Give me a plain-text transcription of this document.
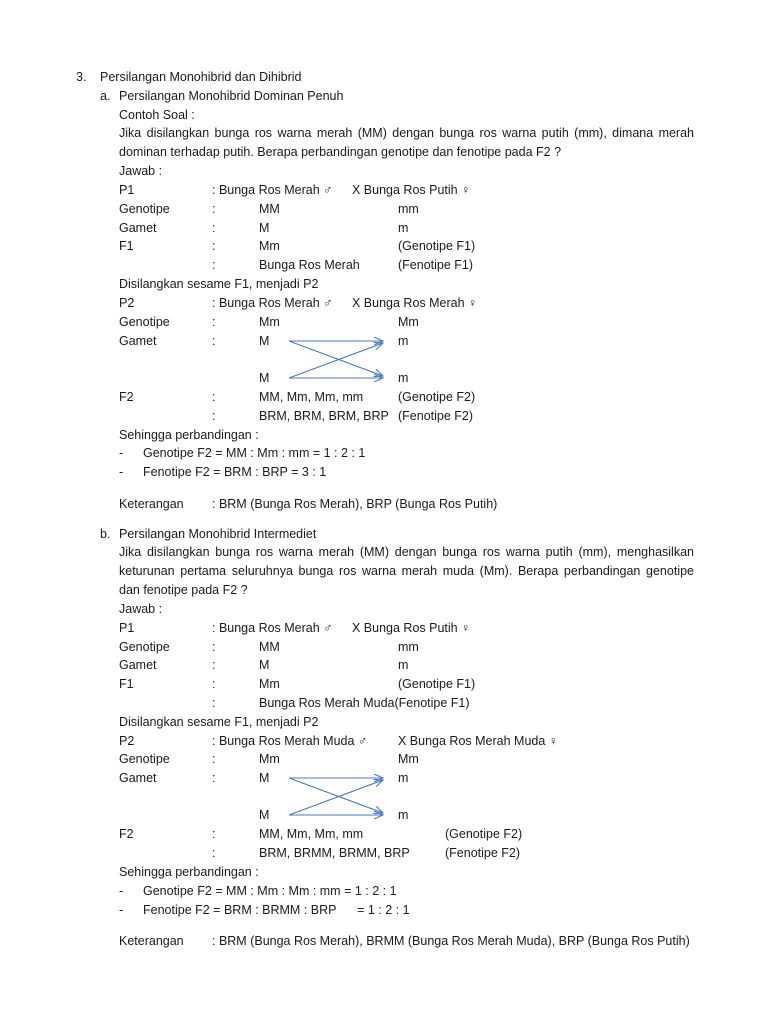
3. Persilangan Monohibrid dan Dihibrid
a. Persilangan Monohibrid Dominan Penuh
Contoh Soal :
Jika disilangkan bunga ros warna merah (MM) dengan bunga ros warna putih (mm), dimana merah dominan terhadap putih. Berapa perbandingan genotipe dan fenotipe pada F2 ?
Jawab :
P1	: Bunga Ros Merah ♂ X Bunga Ros Putih ♀
Genotipe	:	MM	mm
Gamet	:	M	m
F1	:	Mm	(Genotipe F1)
:	Bunga Ros Merah	(Fenotipe F1)
Disilangkan sesame F1, menjadi P2
P2	: Bunga Ros Merah ♂ X Bunga Ros Merah ♀
Genotipe	:	Mm	Mm
Gamet	:	M	m
M	m
F2	:	MM, Mm, Mm, mm	(Genotipe F2)
:	BRM, BRM, BRM, BRP (Fenotipe F2)
Sehingga perbandingan :
- Genotipe F2 = MM : Mm : mm = 1 : 2 : 1
- Fenotipe F2 = BRM : BRP = 3 : 1
Keterangan : BRM (Bunga Ros Merah), BRP (Bunga Ros Putih)
b. Persilangan Monohibrid Intermediet
Jika disilangkan bunga ros warna merah (MM) dengan bunga ros warna putih (mm), menghasilkan keturunan pertama seluruhnya bunga ros warna merah muda (Mm). Berapa perbandingan genotipe dan fenotipe pada F2 ?
Jawab :
P1	: Bunga Ros Merah ♂ X Bunga Ros Putih ♀
Genotipe	:	MM	mm
Gamet	:	M	m
F1	:	Mm	(Genotipe F1)
:	Bunga Ros Merah Muda(Fenotipe F1)
Disilangkan sesame F1, menjadi P2
P2	: Bunga Ros Merah Muda ♂ X Bunga Ros Merah Muda ♀
Genotipe	:	Mm	Mm
Gamet	:	M	m
M	m
F2	:	MM, Mm, Mm, mm	(Genotipe F2)
:	BRM, BRMM, BRMM, BRP	(Fenotipe F2)
Sehingga perbandingan :
- Genotipe F2 = MM : Mm : Mm : mm = 1 : 2 : 1
- Fenotipe F2 = BRM : BRMM : BRP      = 1 : 2 : 1
Keterangan : BRM (Bunga Ros Merah), BRMM (Bunga Ros Merah Muda), BRP (Bunga Ros Putih)
